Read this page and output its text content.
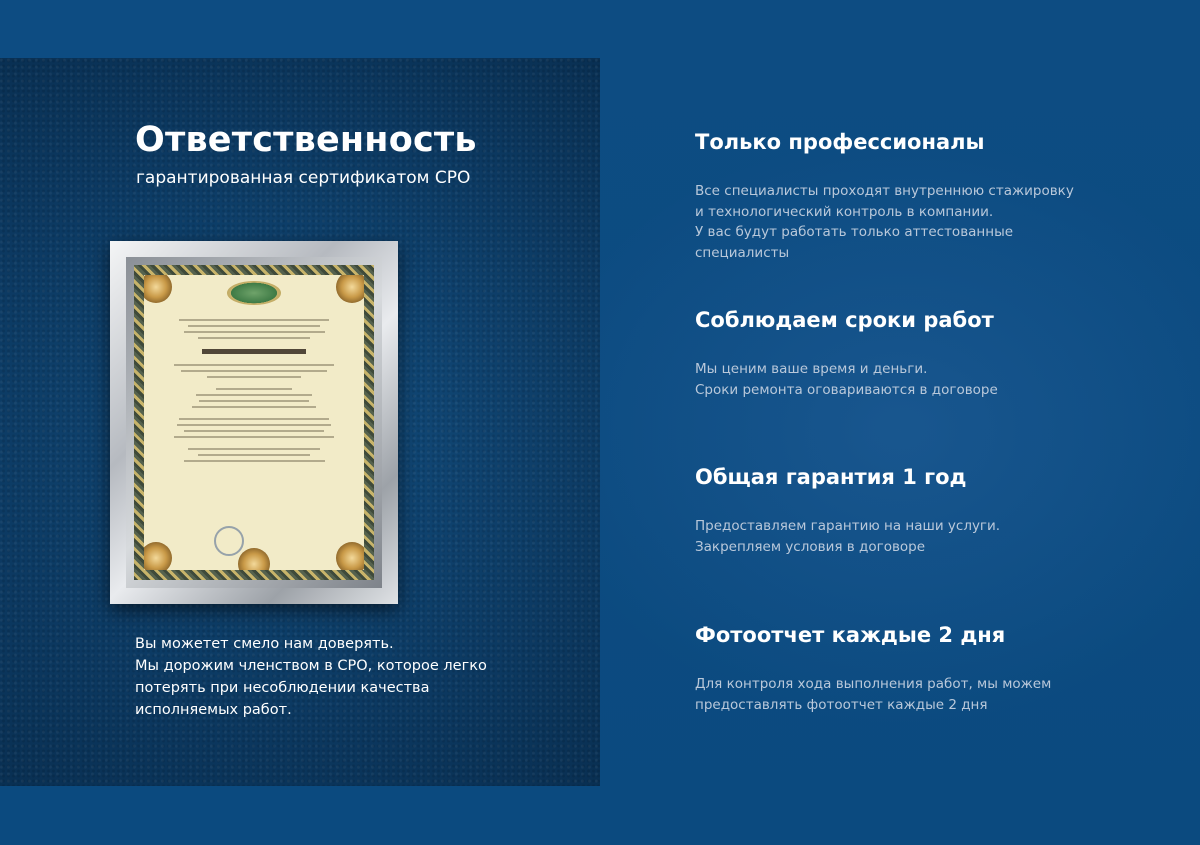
Ответственность

гарантированная сертификатом СРО

Вы можетет смело нам доверять.

Мы дорожим членством в СРО, которое легко

потерять при несоблюдении качества

исполняемых работ.

Только профессионалы

Все специалисты проходят внутреннюю стажировку

и технологический контроль в компании.

У вас будут работать только аттестованные

специалисты

Соблюдаем сроки работ

Мы ценим ваше время и деньги.

Сроки ремонта оговариваются в договоре

Общая гарантия 1 год

Предоставляем гарантию на наши услуги.

Закрепляем условия в договоре

Фотоотчет каждые 2 дня

Для контроля хода выполнения работ, мы можем

предоставлять фотоотчет каждые 2 дня
